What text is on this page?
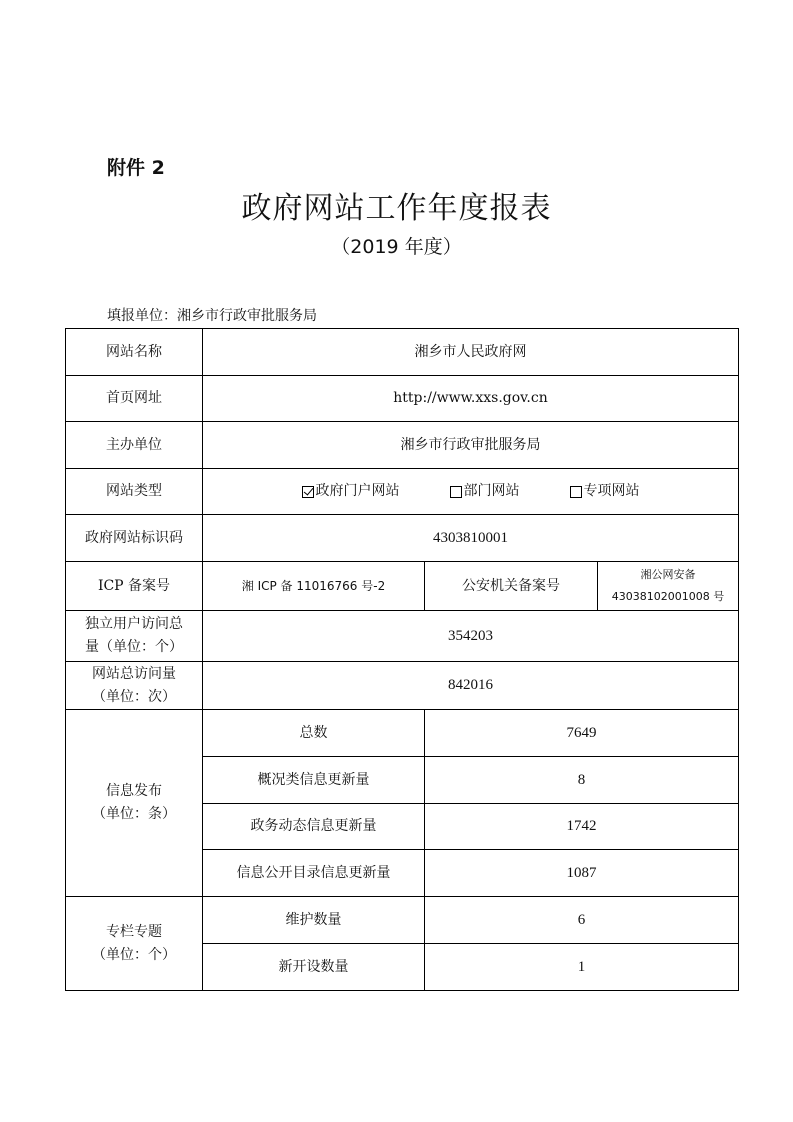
附件 2
政府网站工作年度报表
（2019 年度）
填报单位：湘乡市行政审批服务局
网站名称	湘乡市人民政府网		
首页网址	http://www.xxs.gov.cn		
主办单位	湘乡市行政审批服务局		
网站类型	政府门户网站 部门网站 专项网站		

政府网站标识码	4303810001		
ICP 备案号	湘 ICP 备 11016766 号-2	公安机关备案号	湘公网安备
43038102001008 号

独立用户访问总
量（单位：个）	354203		

网站总访问量
（单位：次）	842016		

信息发布
（单位：条）	总数	7649	
	概况类信息更新量	8	
	政务动态信息更新量	1742	
	信息公开目录信息更新量	1087	

专栏专题
（单位：个）	维护数量	6	
	新开设数量	1	
